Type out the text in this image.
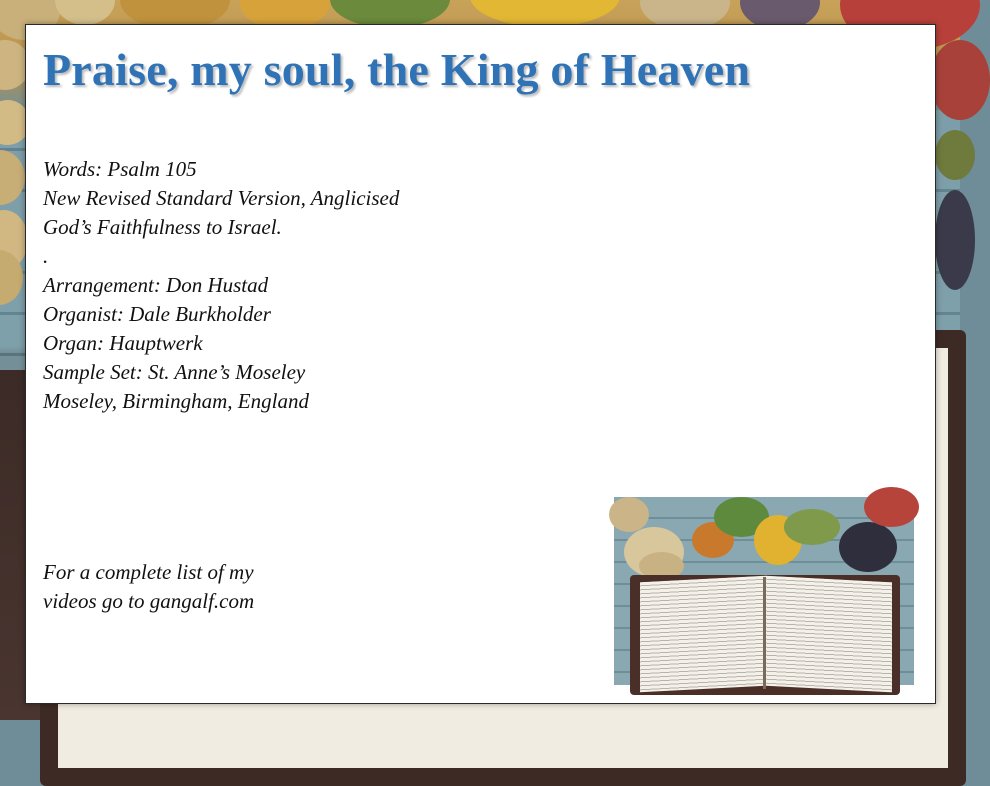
Praise, my soul, the King of Heaven
Words: Psalm 105
New Revised Standard Version, Anglicised
God’s Faithfulness to Israel.
.
Arrangement: Don Hustad
Organist: Dale Burkholder
Organ: Hauptwerk
Sample Set: St. Anne’s Moseley
Moseley, Birmingham, England
For a complete list of my
videos go to gangalf.com
